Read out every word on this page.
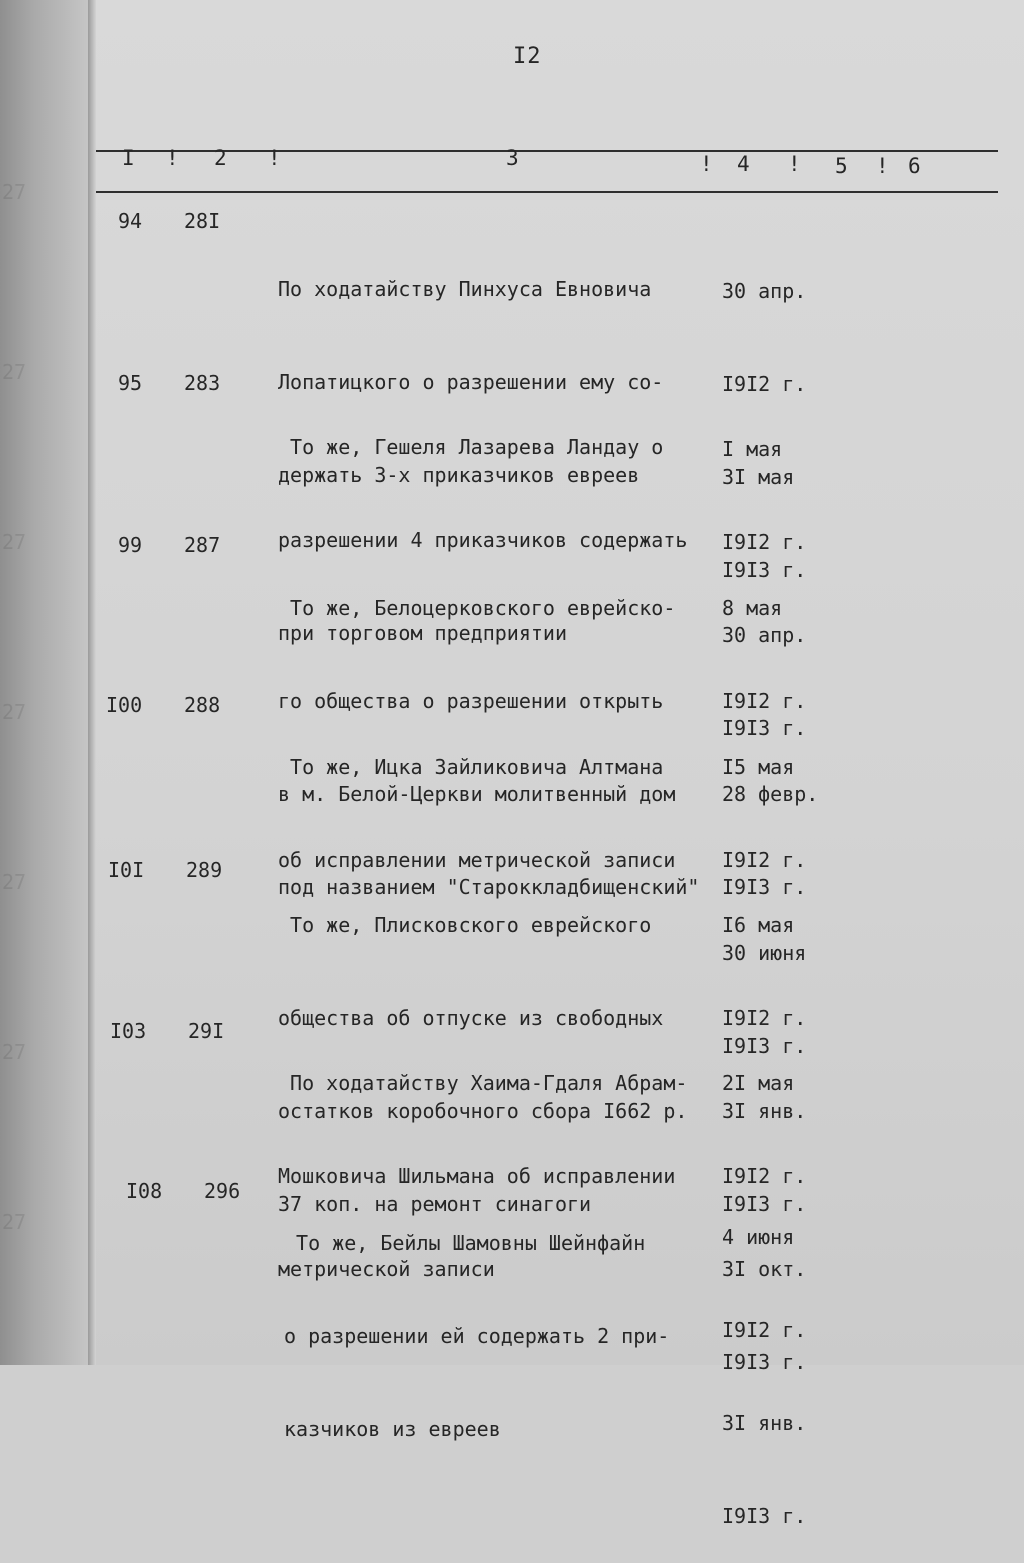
27
27
27
27
27
27
27
I2
I ! 2 !	3	! 4 ! 5 ! 6
94 28I

По ходатайству Пинхуса Евновича

Лопатицкого о разрешении ему со-

держать 3-х приказчиков евреев

30 апр.

I9I2 г.

3I мая

I9I3 г.

95 283

То же, Гешеля Лазарева Ландау о

разрешении 4 приказчиков содержать

при торговом предприятии

I мая

I9I2 г.

30 апр.

I9I3 г.

99 287

То же, Белоцерковского еврейско-

го общества о разрешении открыть

в м. Белой-Церкви молитвенный дом

под названием "Староккладбищенский"

8 мая

I9I2 г.

28 февр.

I9I3 г.

I00 288

То же, Ицка Зайликовича Алтмана

об исправлении метрической записи

I5 мая

I9I2 г.

30 июня

I9I3 г.

I0I 289

То же, Плисковского еврейского

общества об отпуске из свободных

остатков коробочного сбора I662 р.

37 коп. на ремонт синагоги

I6 мая

I9I2 г.

3I янв.

I9I3 г.

I03 29I

По ходатайству Хаима-Гдаля Абрам-

Мошковича Шильмана об исправлении

метрической записи

2I мая

I9I2 г.

3I окт.

I9I3 г.

I08 296

То же, Бейлы Шамовны Шейнфайн

о разрешении ей содержать 2 при-

казчиков из евреев

4 июня

I9I2 г.

3I янв.

I9I3 г.
